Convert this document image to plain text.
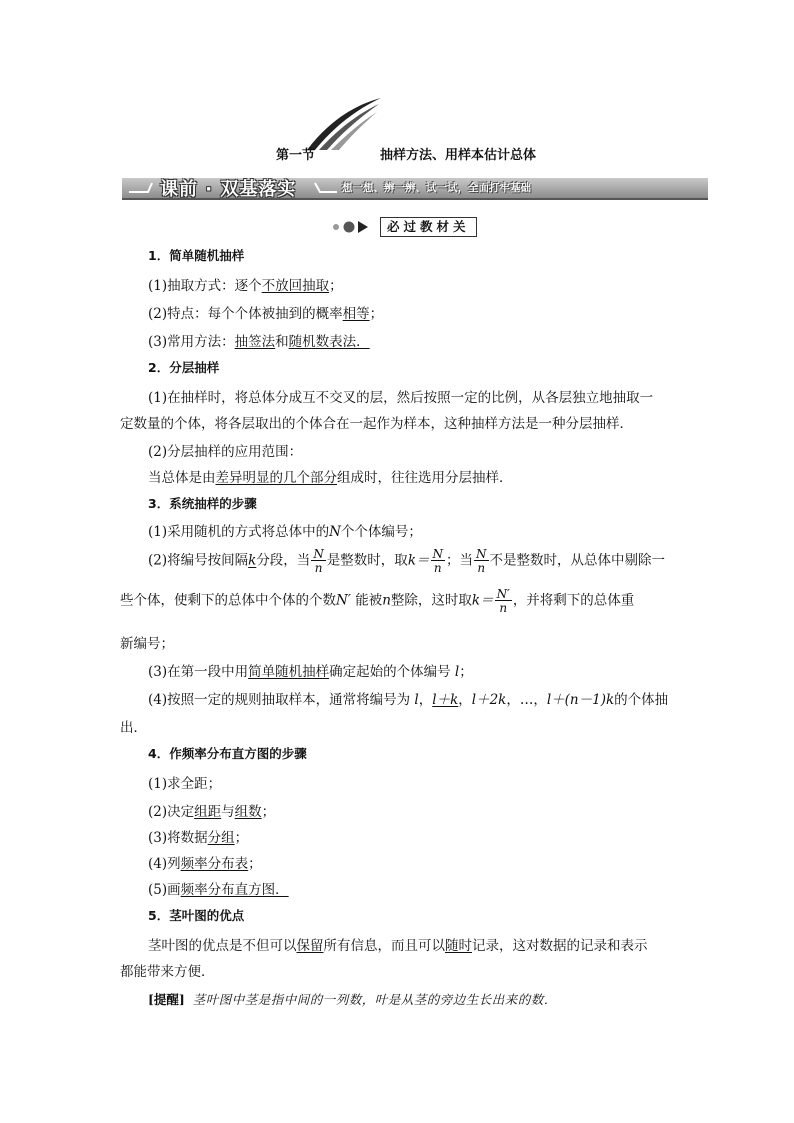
第一节	抽样方法、用样本估计总体
课前 · 双基落实	想一想、辨一辨、试一试，全面打牢基础
必过教材关
1．简单随机抽样
(1)抽取方式：逐个不放回抽取；
(2)特点：每个个体被抽到的概率相等；
(3)常用方法：抽签法和随机数表法．
2．分层抽样
(1)在抽样时，将总体分成互不交叉的层，然后按照一定的比例，从各层独立地抽取一
定数量的个体，将各层取出的个体合在一起作为样本，这种抽样方法是一种分层抽样．
(2)分层抽样的应用范围：
当总体是由差异明显的几个部分组成时，往往选用分层抽样．
3．系统抽样的步骤
(1)采用随机的方式将总体中的N个个体编号；
(2)将编号按间隔k分段，当 $\frac{N}{n}$ 是整数时，取$k= \frac{N}{n}$ ；当 $\frac{N}{n}$ 不是整数时，从总体中剔除一
些个体，使剩下的总体中个体的个数N′ 能被n整除，这时取$k= \frac{N'}{n}$ ，并将剩下的总体重
新编号；
(3)在第一段中用简单随机抽样确定起始的个体编号 l；
(4)按照一定的规则抽取样本，通常将编号为 l，l＋k，l＋2k，…，l＋(n－1)k的个体抽
出．
4．作频率分布直方图的步骤
(1)求全距；
(2)决定组距与组数；
(3)将数据分组；
(4)列频率分布表；
(5)画频率分布直方图．
5．茎叶图的优点
茎叶图的优点是不但可以保留所有信息，而且可以随时记录，这对数据的记录和表示
都能带来方便．
[提醒] 茎叶图中茎是指中间的一列数，叶是从茎的旁边生长出来的数．
